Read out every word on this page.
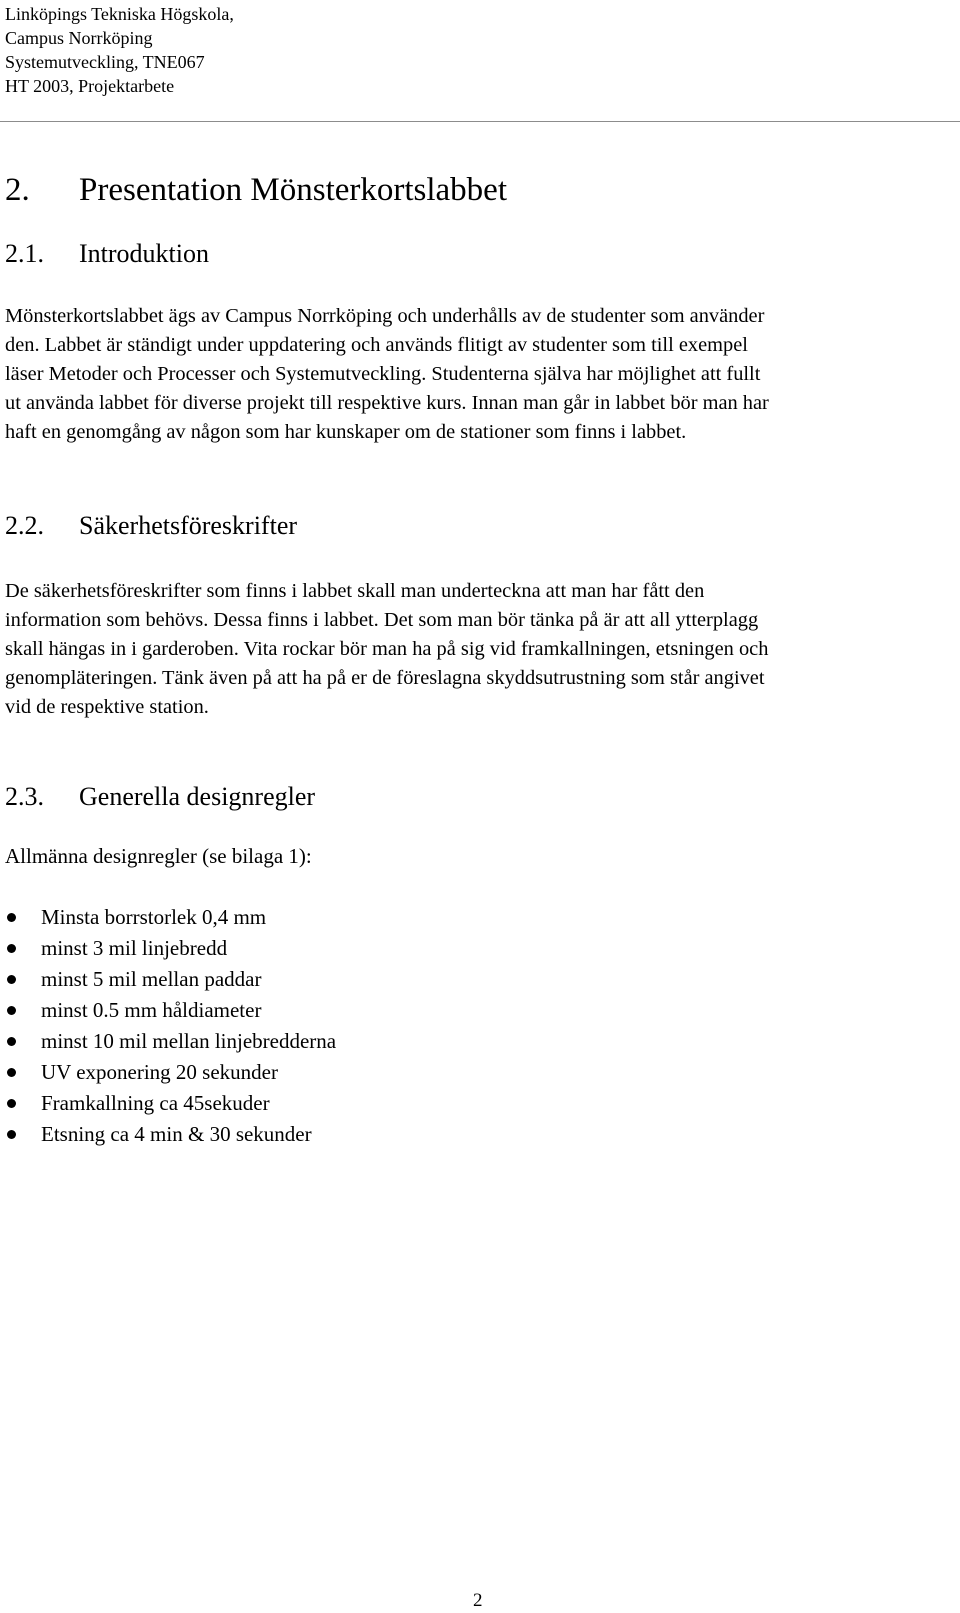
Linköpings Tekniska Högskola,
Campus Norrköping
Systemutveckling, TNE067
HT 2003, Projektarbete
2. Presentation Mönsterkortslabbet
2.1. Introduktion
Mönsterkortslabbet ägs av Campus Norrköping och underhålls av de studenter som använder
den. Labbet är ständigt under uppdatering och används flitigt av studenter som till exempel
läser Metoder och Processer och Systemutveckling. Studenterna själva har möjlighet att fullt
ut använda labbet för diverse projekt till respektive kurs. Innan man går in labbet bör man har
haft en genomgång av någon som har kunskaper om de stationer som finns i labbet.
2.2. Säkerhetsföreskrifter
De säkerhetsföreskrifter som finns i labbet skall man underteckna att man har fått den
information som behövs. Dessa finns i labbet. Det som man bör tänka på är att all ytterplagg
skall hängas in i garderoben. Vita rockar bör man ha på sig vid framkallningen, etsningen och
genompläteringen. Tänk även på att ha på er de föreslagna skyddsutrustning som står angivet
vid de respektive station.
2.3. Generella designregler
Allmänna designregler (se bilaga 1):
Minsta borrstorlek 0,4 mm
minst 3 mil linjebredd
minst 5 mil mellan paddar
minst 0.5 mm håldiameter
minst 10 mil mellan linjebredderna
UV exponering 20 sekunder
Framkallning ca 45sekuder
Etsning ca 4 min & 30 sekunder
2
